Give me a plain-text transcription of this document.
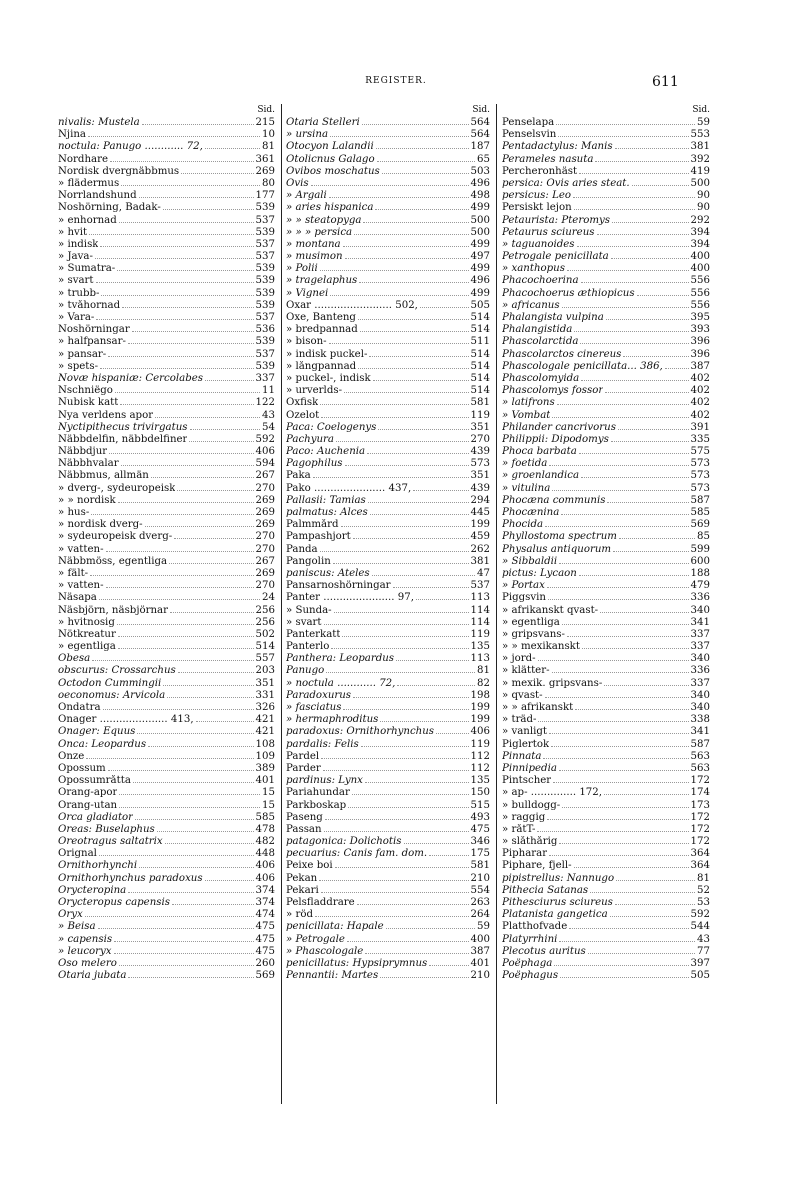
REGISTER.	611
Sid.
nivalis: Mustela	215
Njina	10
noctula: Panugo ............ 72,	81
Nordhare	361
Nordisk dvergnäbbmus	269
» flädermus	80
Norrlandshund	177
Noshörning, Badak-	539
» enhornad	537
» hvit	539
» indisk	537
» Java-	537
» Sumatra-	539
» svart	539
» trubb-	539
» tvåhornad	539
» Vara-	537
Noshörningar	536
» halfpansar-	539
» pansar-	537
» spets-	539
Novæ hispaniæ: Cercolabes	337
Nschniëgo	11
Nubisk katt	122
Nya verldens apor	43
Nyctipithecus trivirgatus	54
Näbbdelfin, näbbdelfiner	592
Näbbdjur	406
Näbbhvalar	594
Näbbmus, allmän	267
» dverg-, sydeuropeisk	270
» » nordisk	269
» hus-	269
» nordisk dverg-	269
» sydeuropeisk dverg-	270
» vatten-	270
Näbbmöss, egentliga	267
» fält-	269
» vatten-	270
Näsapa	24
Näsbjörn, näsbjörnar	256
» hvitnosig	256
Nötkreatur	502
» egentliga	514
Obesa	557
obscurus: Crossarchus	203
Octodon Cummingii	351
oeconomus: Arvicola	331
Ondatra	326
Onager ..................... 413,	421
Onager: Equus	421
Onca: Leopardus	108
Onze	109
Opossum	389
Opossumråtta	401
Orang-apor	15
Orang-utan	15
Orca gladiator	585
Oreas: Buselaphus	478
Oreotragus saltatrix	482
Orignal	448
Ornithorhynchi	406
Ornithorhynchus paradoxus	406
Orycteropina	374
Orycteropus capensis	374
Oryx	474
» Beisa	475
» capensis	475
» leucoryx	475
Oso melero	260
Otaria jubata	569
Sid.
Otaria Stelleri	564
» ursina	564
Otocyon Lalandii	187
Otolicnus Galago	65
Ovibos moschatus	503
Ovis	496
» Argali	498
» aries hispanica	499
» » steatopyga	500
» » » persica	500
» montana	499
» musimon	497
» Polii	499
» tragelaphus	496
» Vignei	499
Oxar ........................ 502,	505
Oxe, Banteng	514
» bredpannad	514
» bison-	511
» indisk puckel-	514
» långpannad	514
» puckel-, indisk	514
» urverlds-	514
Oxfisk	581
Ozelot	119
Paca: Coelogenys	351
Pachyura	270
Paco: Auchenia	439
Pagophilus	573
Paka	351
Pako ...................... 437,	439
Pallasii: Tamias	294
palmatus: Alces	445
Palmmård	199
Pampashjort	459
Panda	262
Pangolin	381
paniscus: Ateles	47
Pansarnoshörningar	537
Panter ...................... 97,	113
» Sunda-	114
» svart	114
Panterkatt	119
Panterlo	135
Panthera: Leopardus	113
Panugo	81
» noctula ............ 72,	82
Paradoxurus	198
» fasciatus	199
» hermaphroditus	199
paradoxus: Ornithorhynchus	406
pardalis: Felis	119
Pardel	112
Parder	112
pardinus: Lynx	135
Pariahundar	150
Parkboskap	515
Paseng	493
Passan	475
patagonica: Dolichotis	346
pecuarius: Canis fam. dom.	175
Peixe boi	581
Pekan	210
Pekari	554
Pelsfladdrare	263
» röd	264
penicillata: Hapale	59
» Petrogale	400
» Phascologale	387
penicillatus: Hypsiprymnus	401
Pennantii: Martes	210
Sid.
Penselapa	59
Penselsvin	553
Pentadactylus: Manis	381
Perameles nasuta	392
Percheronhäst	419
persica: Ovis aries steat.	500
persicus: Leo	90
Persiskt lejon	90
Petaurista: Pteromys	292
Petaurus sciureus	394
» taguanoides	394
Petrogale penicillata	400
» xanthopus	400
Phacochoerina	556
Phacochoerus æthiopicus	556
» africanus	556
Phalangista vulpina	395
Phalangistida	393
Phascolarctida	396
Phascolarctos cinereus	396
Phascologale penicillata... 386,	387
Phascolomyida	402
Phascolomys fossor	402
» latifrons	402
» Vombat	402
Philander cancrivorus	391
Philippii: Dipodomys	335
Phoca barbata	575
» foetida	573
» groenlandica	573
» vitulina	573
Phocæna communis	587
Phocænina	585
Phocida	569
Phyllostoma spectrum	85
Physalus antiquorum	599
» Sibbaldii	600
pictus: Lycaon	188
» Portax	479
Piggsvin	336
» afrikanskt qvast-	340
» egentliga	341
» gripsvans-	337
» » mexikanskt	337
» jord-	340
» klätter-	336
» mexik. gripsvans-	337
» qvast-	340
» » afrikanskt	340
» träd-	338
» vanligt	341
Piglertok	587
Pinnata	563
Pinnipedia	563
Pintscher	172
» ap- .............. 172,	174
» bulldogg-	173
» raggig	172
» råtT-	172
» slåthårig	172
Pipharar	364
Piphare, fjell-	364
pipistrellus: Nannugo	81
Pithecia Satanas	52
Pithesciurus sciureus	53
Platanista gangetica	592
Platthofvade	544
Platyrrhini	43
Plecotus auritus	77
Poëphaga	397
Poëphagus	505
